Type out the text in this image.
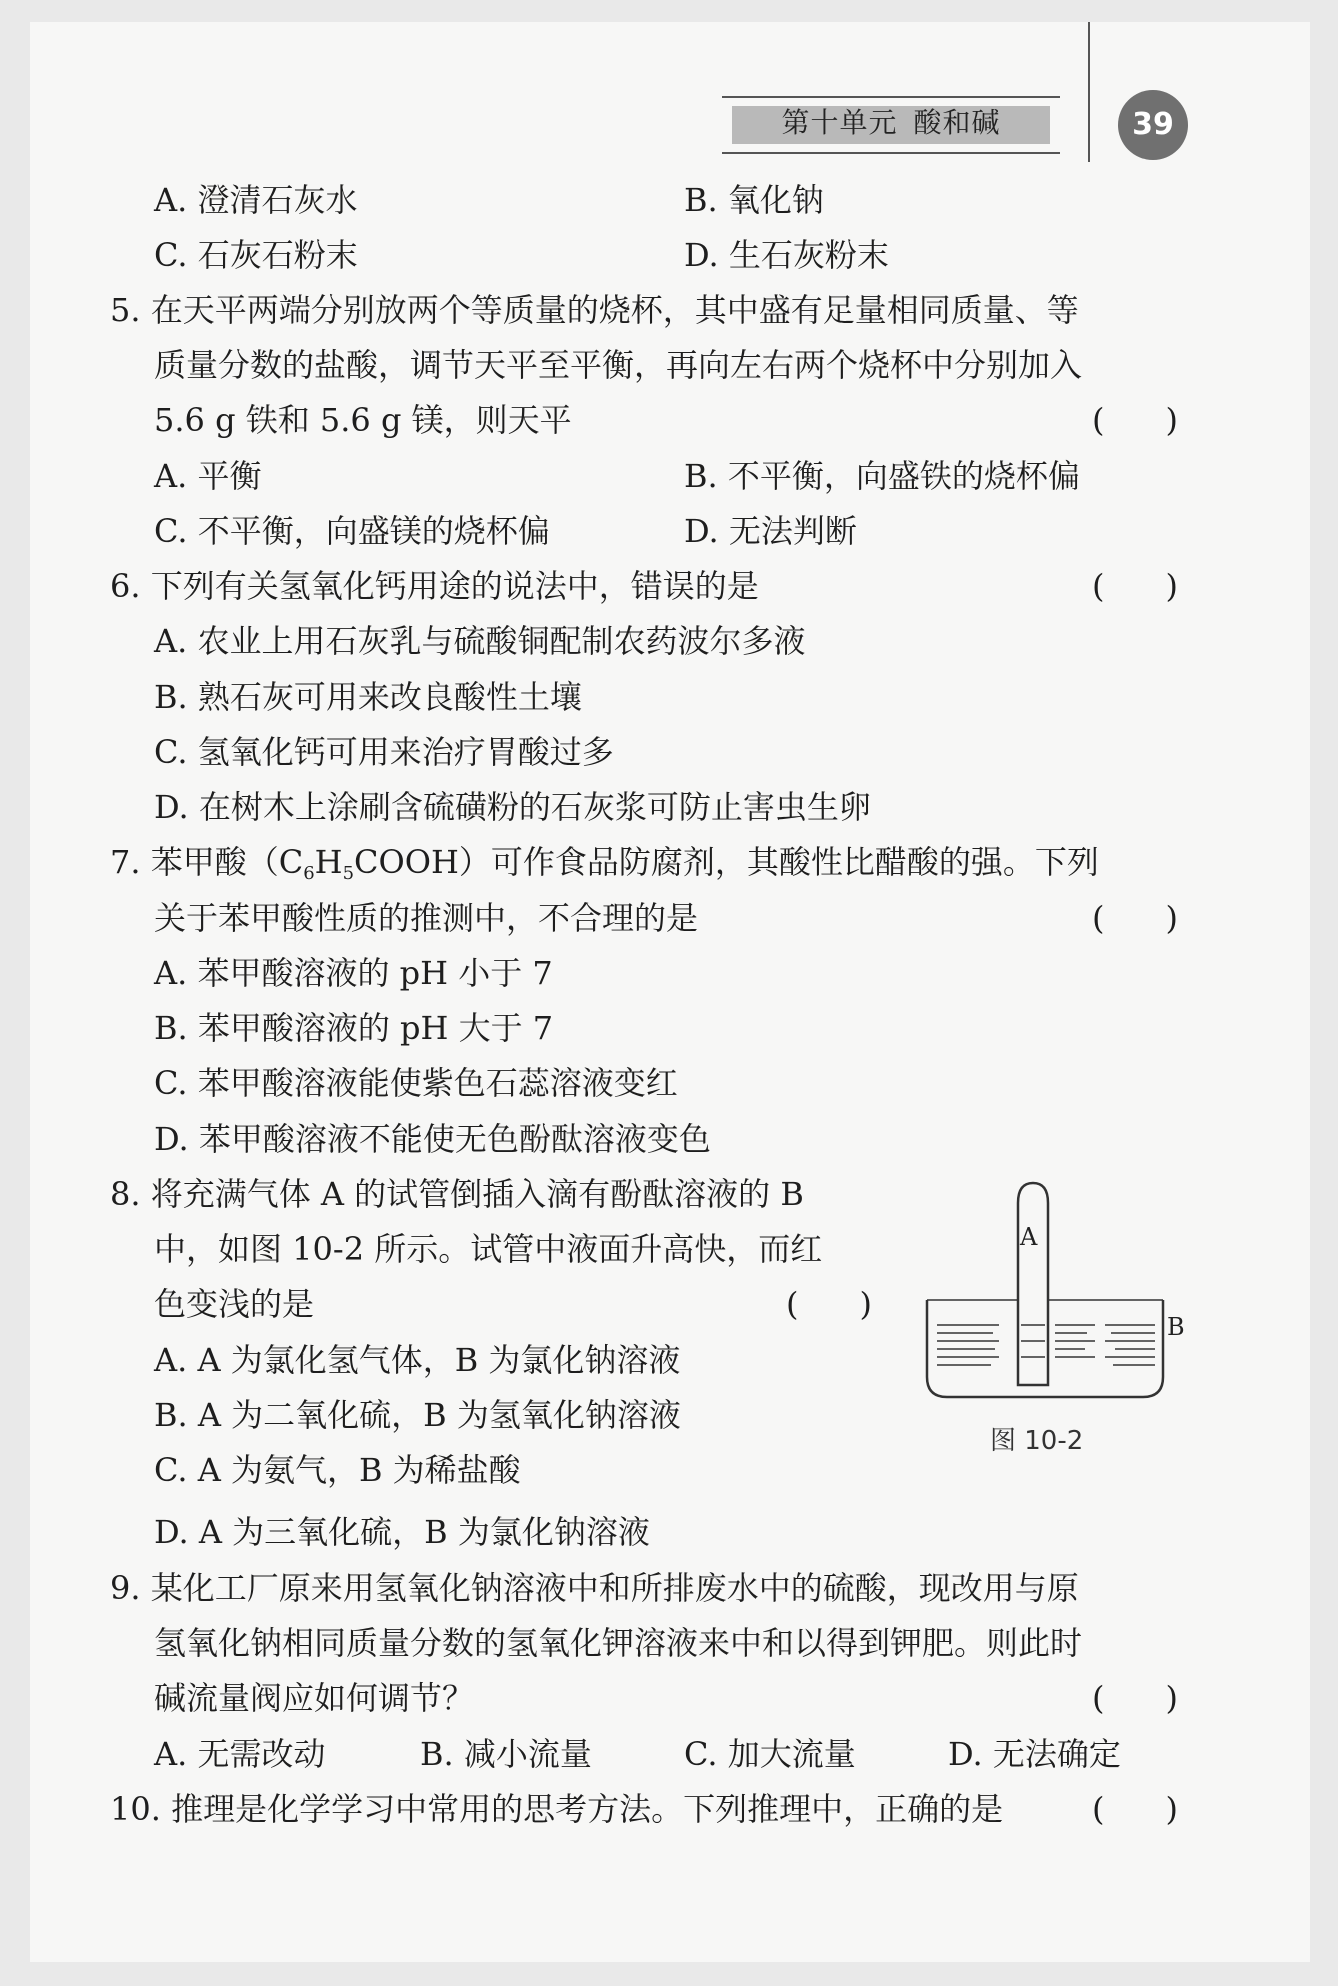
第十单元 酸和碱	39
A. 澄清石灰水	B. 氧化钠
C. 石灰石粉末	D. 生石灰粉末
5. 在天平两端分别放两个等质量的烧杯，其中盛有足量相同质量、等
质量分数的盐酸，调节天平至平衡，再向左右两个烧杯中分别加入
5.6 g 铁和 5.6 g 镁，则天平	(      )
A. 平衡	B. 不平衡，向盛铁的烧杯偏
C. 不平衡，向盛镁的烧杯偏	D. 无法判断
6. 下列有关氢氧化钙用途的说法中，错误的是	(      )
A. 农业上用石灰乳与硫酸铜配制农药波尔多液
B. 熟石灰可用来改良酸性土壤
C. 氢氧化钙可用来治疗胃酸过多
D. 在树木上涂刷含硫磺粉的石灰浆可防止害虫生卵
7. 苯甲酸$(C_6H_5COOH)$可作食品防腐剂，其酸性比醋酸的强。下列
关于苯甲酸性质的推测中，不合理的是	(      )
A. 苯甲酸溶液的 pH 小于 7
B. 苯甲酸溶液的 pH 大于 7
C. 苯甲酸溶液能使紫色石蕊溶液变红
D. 苯甲酸溶液不能使无色酚酞溶液变色
8. 将充满气体 A 的试管倒插入滴有酚酞溶液的 B
中，如图 10-2 所示。试管中液面升高快，而红
色变浅的是	(      )
A. A 为氯化氢气体，B 为氯化钠溶液
B. A 为二氧化硫，B 为氢氧化钠溶液
C. A 为氨气，B 为稀盐酸
D. A 为三氧化硫，B 为氯化钠溶液
A
B
图 10-2
9. 某化工厂原来用氢氧化钠溶液中和所排废水中的硫酸，现改用与原
氢氧化钠相同质量分数的氢氧化钾溶液来中和以得到钾肥。则此时
碱流量阀应如何调节？	(      )
A. 无需改动	B. 减小流量	C. 加大流量	D. 无法确定
10. 推理是化学学习中常用的思考方法。下列推理中，正确的是	(      )
